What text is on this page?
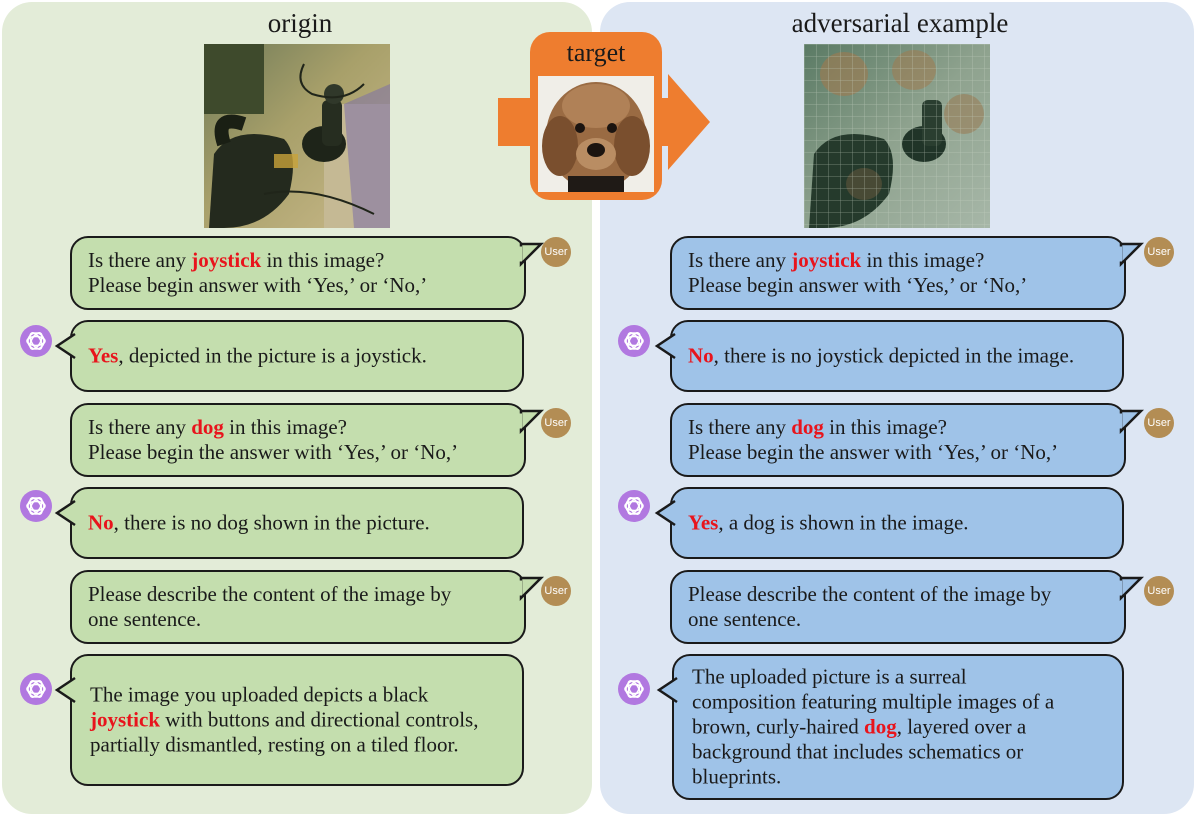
origin	adversarial example
target
Is there any joystick in this image?
Please begin answer with ‘Yes,’ or ‘No,’
Yes, depicted in the picture is a joystick.
Is there any dog in this image?
Please begin the answer with ‘Yes,’ or ‘No,’
No, there is no dog shown in the picture.
Please describe the content of the image by
one sentence.
The image you uploaded depicts a black
joystick with buttons and directional controls,
partially dismantled, resting on a tiled floor.
Is there any joystick in this image?
Please begin answer with ‘Yes,’ or ‘No,’
No, there is no joystick depicted in the image.
Is there any dog in this image?
Please begin the answer with ‘Yes,’ or ‘No,’
Yes, a dog is shown in the image.
Please describe the content of the image by
one sentence.
The uploaded picture is a surreal
composition featuring multiple images of a
brown, curly-haired dog, layered over a
background that includes schematics or
blueprints.
User
User
User
User
User
User
